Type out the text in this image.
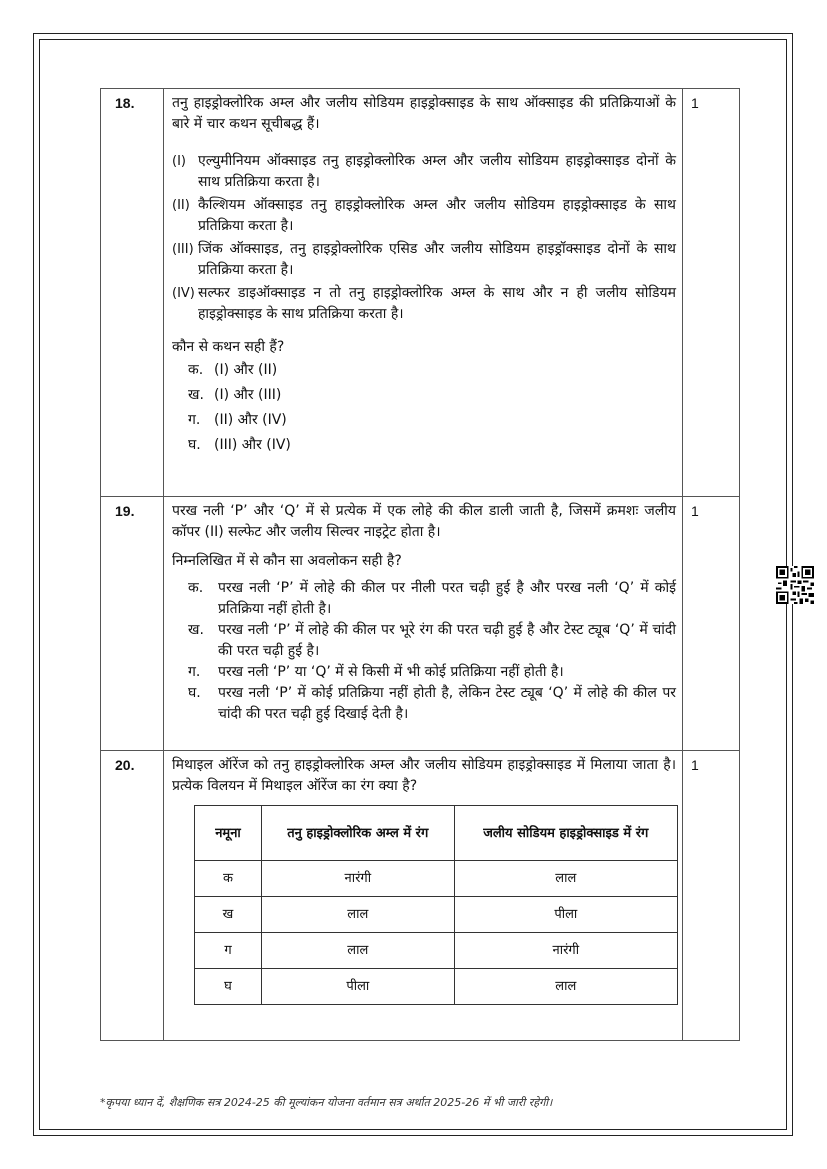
18.	तनु हाइड्रोक्लोरिक अम्ल और जलीय सोडियम हाइड्रोक्साइड के साथ ऑक्साइड की प्रतिक्रियाओं के बारे में चार कथन सूचीबद्ध हैं।
(I) एल्युमीनियम ऑक्साइड तनु हाइड्रोक्लोरिक अम्ल और जलीय सोडियम हाइड्रोक्साइड दोनों के साथ प्रतिक्रिया करता है।
(II) कैल्शियम ऑक्साइड तनु हाइड्रोक्लोरिक अम्ल और जलीय सोडियम हाइड्रोक्साइड के साथ प्रतिक्रिया करता है।
(III) जिंक ऑक्साइड, तनु हाइड्रोक्लोरिक एसिड और जलीय सोडियम हाइड्रॉक्साइड दोनों के साथ प्रतिक्रिया करता है।
(IV) सल्फर डाइऑक्साइड न तो तनु हाइड्रोक्लोरिक अम्ल के साथ और न ही जलीय सोडियम हाइड्रोक्साइड के साथ प्रतिक्रिया करता है।
कौन से कथन सही हैं?
क. (I) और (II)
ख. (I) और (III)
ग. (II) और (IV)
घ. (III) और (IV)
	1
19.	परख नली ‘P’ और ‘Q’ में से प्रत्येक में एक लोहे की कील डाली जाती है, जिसमें क्रमशः जलीय कॉपर (II) सल्फेट और जलीय सिल्वर नाइट्रेट होता है।
निम्नलिखित में से कौन सा अवलोकन सही है?
क.	परख नली ‘P’ में लोहे की कील पर नीली परत चढ़ी हुई है और परख नली ‘Q’ में कोई प्रतिक्रिया नहीं होती है।
ख.	परख नली ‘P’ में लोहे की कील पर भूरे रंग की परत चढ़ी हुई है और टेस्ट ट्यूब ‘Q’ में चांदी की परत चढ़ी हुई है।
ग.	परख नली ‘P’ या ‘Q’ में से किसी में भी कोई प्रतिक्रिया नहीं होती है।
घ.	परख नली ‘P’ में कोई प्रतिक्रिया नहीं होती है, लेकिन टेस्ट ट्यूब ‘Q’ में लोहे की कील पर चांदी की परत चढ़ी हुई दिखाई देती है।
	1
20.	मिथाइल ऑरेंज को तनु हाइड्रोक्लोरिक अम्ल और जलीय सोडियम हाइड्रोक्साइड में मिलाया जाता है। प्रत्येक विलयन में मिथाइल ऑरेंज का रंग क्या है?
नमूना	तनु हाइड्रोक्लोरिक अम्ल में रंग	जलीय सोडियम हाइड्रोक्साइड में रंग
क	नारंगी	लाल
ख	लाल	पीला
ग	लाल	नारंगी
घ	पीला	लाल
	1
*कृपया ध्यान दें, शैक्षणिक सत्र 2024-25 की मूल्यांकन योजना वर्तमान सत्र अर्थात 2025-26 में भी जारी रहेगी।
